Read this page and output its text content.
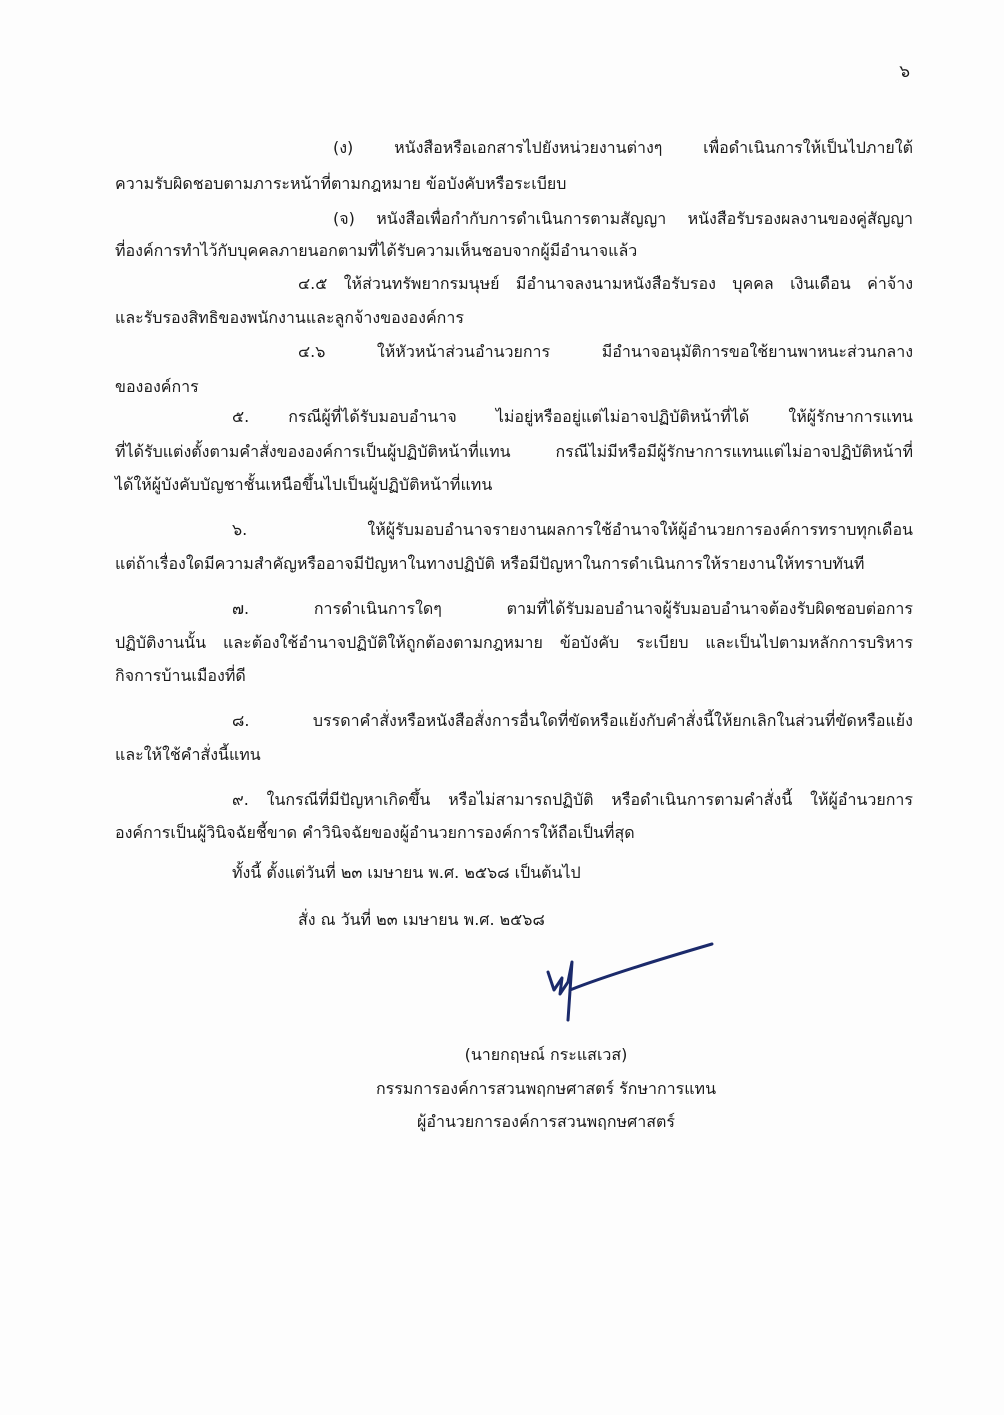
๖
(ง) หนังสือหรือเอกสารไปยังหน่วยงานต่างๆ เพื่อดำเนินการให้เป็นไปภายใต้
ความรับผิดชอบตามภาระหน้าที่ตามกฎหมาย ข้อบังคับหรือระเบียบ
(จ) หนังสือเพื่อกำกับการดำเนินการตามสัญญา หนังสือรับรองผลงานของคู่สัญญา
ที่องค์การทำไว้กับบุคคลภายนอกตามที่ได้รับความเห็นชอบจากผู้มีอำนาจแล้ว
๔.๕ ให้ส่วนทรัพยากรมนุษย์ มีอำนาจลงนามหนังสือรับรอง บุคคล เงินเดือน ค่าจ้าง
และรับรองสิทธิของพนักงานและลูกจ้างขององค์การ
๔.๖ ให้หัวหน้าส่วนอำนวยการ มีอำนาจอนุมัติการขอใช้ยานพาหนะส่วนกลาง
ขององค์การ
๕. กรณีผู้ที่ได้รับมอบอำนาจ ไม่อยู่หรืออยู่แต่ไม่อาจปฏิบัติหน้าที่ได้ ให้ผู้รักษาการแทน
ที่ได้รับแต่งตั้งตามคำสั่งขององค์การเป็นผู้ปฏิบัติหน้าที่แทน กรณีไม่มีหรือมีผู้รักษาการแทนแต่ไม่อาจปฏิบัติหน้าที่
ได้ให้ผู้บังคับบัญชาชั้นเหนือขึ้นไปเป็นผู้ปฏิบัติหน้าที่แทน
๖. ให้ผู้รับมอบอำนาจรายงานผลการใช้อำนาจให้ผู้อำนวยการองค์การทราบทุกเดือน
แต่ถ้าเรื่องใดมีความสำคัญหรืออาจมีปัญหาในทางปฏิบัติ หรือมีปัญหาในการดำเนินการให้รายงานให้ทราบทันที
๗. การดำเนินการใดๆ ตามที่ได้รับมอบอำนาจผู้รับมอบอำนาจต้องรับผิดชอบต่อการ
ปฏิบัติงานนั้น และต้องใช้อำนาจปฏิบัติให้ถูกต้องตามกฎหมาย ข้อบังคับ ระเบียบ และเป็นไปตามหลักการบริหาร
กิจการบ้านเมืองที่ดี
๘. บรรดาคำสั่งหรือหนังสือสั่งการอื่นใดที่ขัดหรือแย้งกับคำสั่งนี้ให้ยกเลิกในส่วนที่ขัดหรือแย้ง
และให้ใช้คำสั่งนี้แทน
๙. ในกรณีที่มีปัญหาเกิดขึ้น หรือไม่สามารถปฏิบัติ หรือดำเนินการตามคำสั่งนี้ ให้ผู้อำนวยการ
องค์การเป็นผู้วินิจฉัยชี้ขาด คำวินิจฉัยของผู้อำนวยการองค์การให้ถือเป็นที่สุด
ทั้งนี้ ตั้งแต่วันที่ ๒๓ เมษายน พ.ศ. ๒๕๖๘ เป็นต้นไป
สั่ง ณ วันที่ ๒๓ เมษายน พ.ศ. ๒๕๖๘
(นายกฤษณ์ กระแสเวส)
กรรมการองค์การสวนพฤกษศาสตร์ รักษาการแทน
ผู้อำนวยการองค์การสวนพฤกษศาสตร์
